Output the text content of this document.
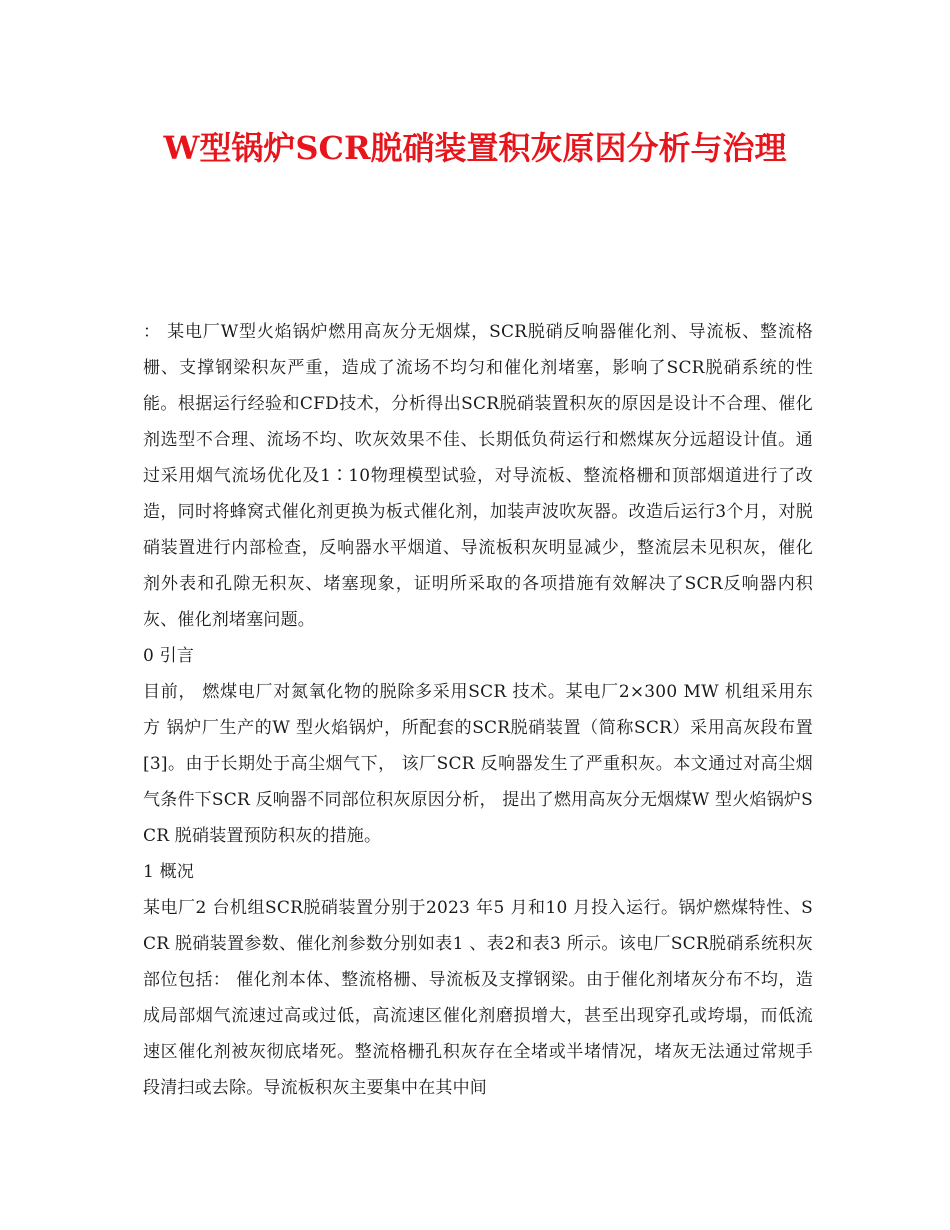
W型锅炉SCR脱硝装置积灰原因分析与治理

： 某电厂W型火焰锅炉燃用高灰分无烟煤，SCR脱硝反响器催化剂、导流板、整流格栅、支撑钢梁积灰严重，造成了流场不均匀和催化剂堵塞，影响了SCR脱硝系统的性能。根据运行经验和CFD技术，分析得出SCR脱硝装置积灰的原因是设计不合理、催化剂选型不合理、流场不均、吹灰效果不佳、长期低负荷运行和燃煤灰分远超设计值。通过采用烟气流场优化及1∶10物理模型试验，对导流板、整流格栅和顶部烟道进行了改造，同时将蜂窝式催化剂更换为板式催化剂，加装声波吹灰器。改造后运行3个月，对脱硝装置进行内部检查，反响器水平烟道、导流板积灰明显减少，整流层未见积灰，催化剂外表和孔隙无积灰、堵塞现象，证明所采取的各项措施有效解决了SCR反响器内积灰、催化剂堵塞问题。

0 引言

目前， 燃煤电厂对氮氧化物的脱除多采用SCR 技术。某电厂2×300 MW 机组采用东方 锅炉厂生产的W 型火焰锅炉，所配套的SCR脱硝装置（简称SCR）采用高灰段布置[3]。由于长期处于高尘烟气下， 该厂SCR 反响器发生了严重积灰。本文通过对高尘烟气条件下SCR 反响器不同部位积灰原因分析， 提出了燃用高灰分无烟煤W 型火焰锅炉SCR 脱硝装置预防积灰的措施。

1 概况

某电厂2 台机组SCR脱硝装置分别于2023 年5 月和10 月投入运行。锅炉燃煤特性、SCR 脱硝装置参数、催化剂参数分别如表1 、表2和表3 所示。该电厂SCR脱硝系统积灰部位包括： 催化剂本体、整流格栅、导流板及支撑钢梁。由于催化剂堵灰分布不均，造成局部烟气流速过高或过低，高流速区催化剂磨损增大，甚至出现穿孔或垮塌，而低流速区催化剂被灰彻底堵死。整流格栅孔积灰存在全堵或半堵情况，堵灰无法通过常规手段清扫或去除。导流板积灰主要集中在其中间
